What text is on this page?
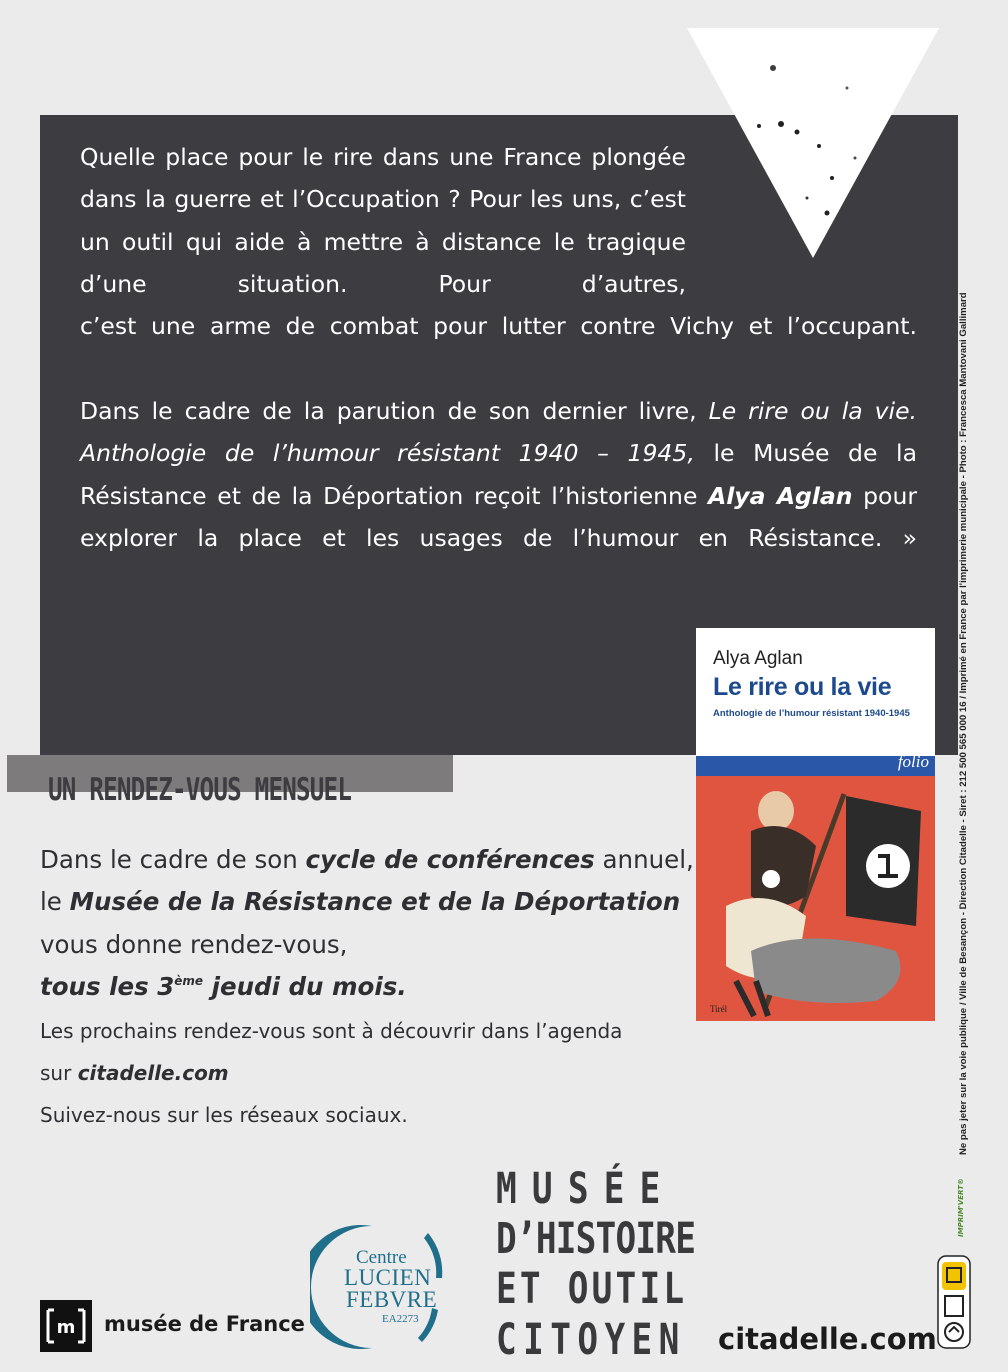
Quelle place pour le rire dans une France plongée dans la guerre et l’Occupation ? Pour les uns, c’est un outil qui aide à mettre à distance le tragique d’une situation. Pour d’autres,

c’est une arme de combat pour lutter contre Vichy et l’occupant.

Dans le cadre de la parution de son dernier livre, Le rire ou la vie. Anthologie de l’humour résistant 1940 – 1945, le Musée de la Résistance et de la Déportation reçoit l’historienne Alya Aglan pour explorer la place et les usages de l’humour en Résistance. »

Alya Aglan
Le rire ou la vie
Anthologie de l’humour résistant 1940-1945
folio
Tirél
UN RENDEZ-VOUS MENSUEL
Dans le cadre de son cycle de conférences annuel,
le Musée de la Résistance et de la Déportation
vous donne rendez-vous,
tous les 3ème jeudi du mois.
Les prochains rendez-vous sont à découvrir dans l’agenda
sur citadelle.com
Suivez-nous sur les réseaux sociaux.	Ne pas jeter sur la voie publique / Ville de Besançon - Direction Citadelle - Siret : 212 500 565 000 16 / Imprimé en France par l'imprimerie municipale - Photo : Francesca Mantovani Gallimard
IMPRIM'VERT®
m musée de France
Centre
LUCIEN
FEBVRE
EA2273
MUSÉE
D’HISTOIRE
ET OUTIL
CITOYEN citadelle.com
